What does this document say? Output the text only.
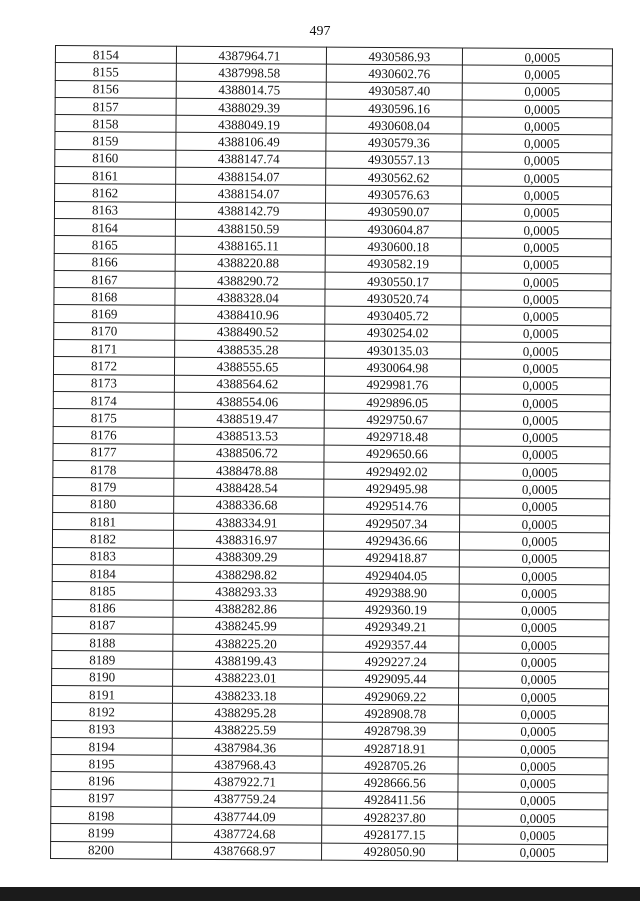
497
8154	4387964.71	4930586.93	0,0005
8155	4387998.58	4930602.76	0,0005
8156	4388014.75	4930587.40	0,0005
8157	4388029.39	4930596.16	0,0005
8158	4388049.19	4930608.04	0,0005
8159	4388106.49	4930579.36	0,0005
8160	4388147.74	4930557.13	0,0005
8161	4388154.07	4930562.62	0,0005
8162	4388154.07	4930576.63	0,0005
8163	4388142.79	4930590.07	0,0005
8164	4388150.59	4930604.87	0,0005
8165	4388165.11	4930600.18	0,0005
8166	4388220.88	4930582.19	0,0005
8167	4388290.72	4930550.17	0,0005
8168	4388328.04	4930520.74	0,0005
8169	4388410.96	4930405.72	0,0005
8170	4388490.52	4930254.02	0,0005
8171	4388535.28	4930135.03	0,0005
8172	4388555.65	4930064.98	0,0005
8173	4388564.62	4929981.76	0,0005
8174	4388554.06	4929896.05	0,0005
8175	4388519.47	4929750.67	0,0005
8176	4388513.53	4929718.48	0,0005
8177	4388506.72	4929650.66	0,0005
8178	4388478.88	4929492.02	0,0005
8179	4388428.54	4929495.98	0,0005
8180	4388336.68	4929514.76	0,0005
8181	4388334.91	4929507.34	0,0005
8182	4388316.97	4929436.66	0,0005
8183	4388309.29	4929418.87	0,0005
8184	4388298.82	4929404.05	0,0005
8185	4388293.33	4929388.90	0,0005
8186	4388282.86	4929360.19	0,0005
8187	4388245.99	4929349.21	0,0005
8188	4388225.20	4929357.44	0,0005
8189	4388199.43	4929227.24	0,0005
8190	4388223.01	4929095.44	0,0005
8191	4388233.18	4929069.22	0,0005
8192	4388295.28	4928908.78	0,0005
8193	4388225.59	4928798.39	0,0005
8194	4387984.36	4928718.91	0,0005
8195	4387968.43	4928705.26	0,0005
8196	4387922.71	4928666.56	0,0005
8197	4387759.24	4928411.56	0,0005
8198	4387744.09	4928237.80	0,0005
8199	4387724.68	4928177.15	0,0005
8200	4387668.97	4928050.90	0,0005
